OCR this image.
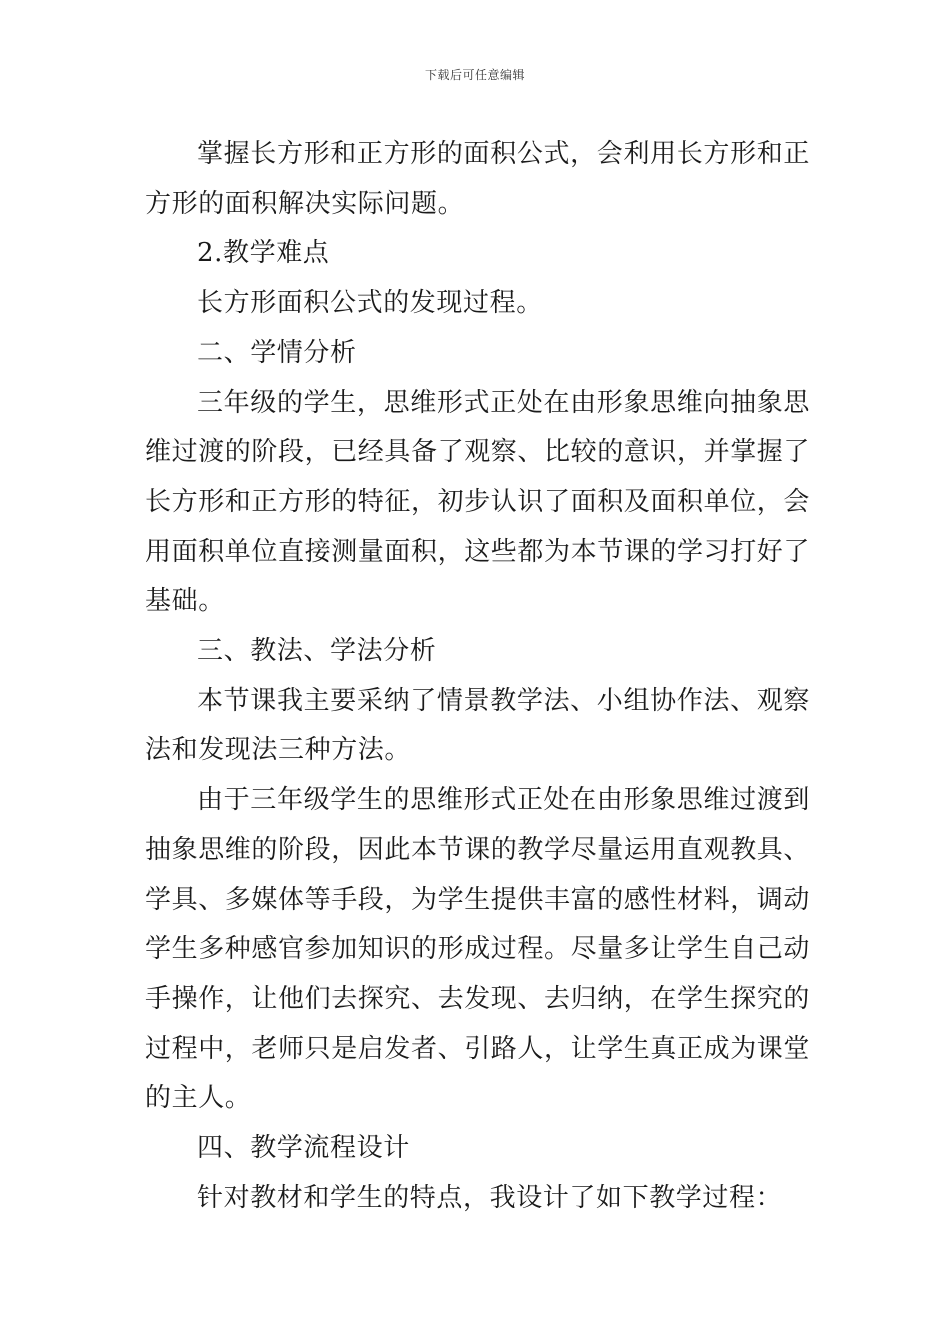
下载后可任意编辑

掌握长方形和正方形的面积公式，会利用长方形和正方形的面积解决实际问题。

2.教学难点

长方形面积公式的发现过程。

二、学情分析

三年级的学生，思维形式正处在由形象思维向抽象思维过渡的阶段，已经具备了观察、比较的意识，并掌握了长方形和正方形的特征，初步认识了面积及面积单位，会用面积单位直接测量面积，这些都为本节课的学习打好了基础。

三、教法、学法分析

本节课我主要采纳了情景教学法、小组协作法、观察法和发现法三种方法。

由于三年级学生的思维形式正处在由形象思维过渡到抽象思维的阶段，因此本节课的教学尽量运用直观教具、学具、多媒体等手段，为学生提供丰富的感性材料，调动学生多种感官参加知识的形成过程。尽量多让学生自己动手操作，让他们去探究、去发现、去归纳，在学生探究的过程中，老师只是启发者、引路人，让学生真正成为课堂的主人。

四、教学流程设计

针对教材和学生的特点，我设计了如下教学过程：
